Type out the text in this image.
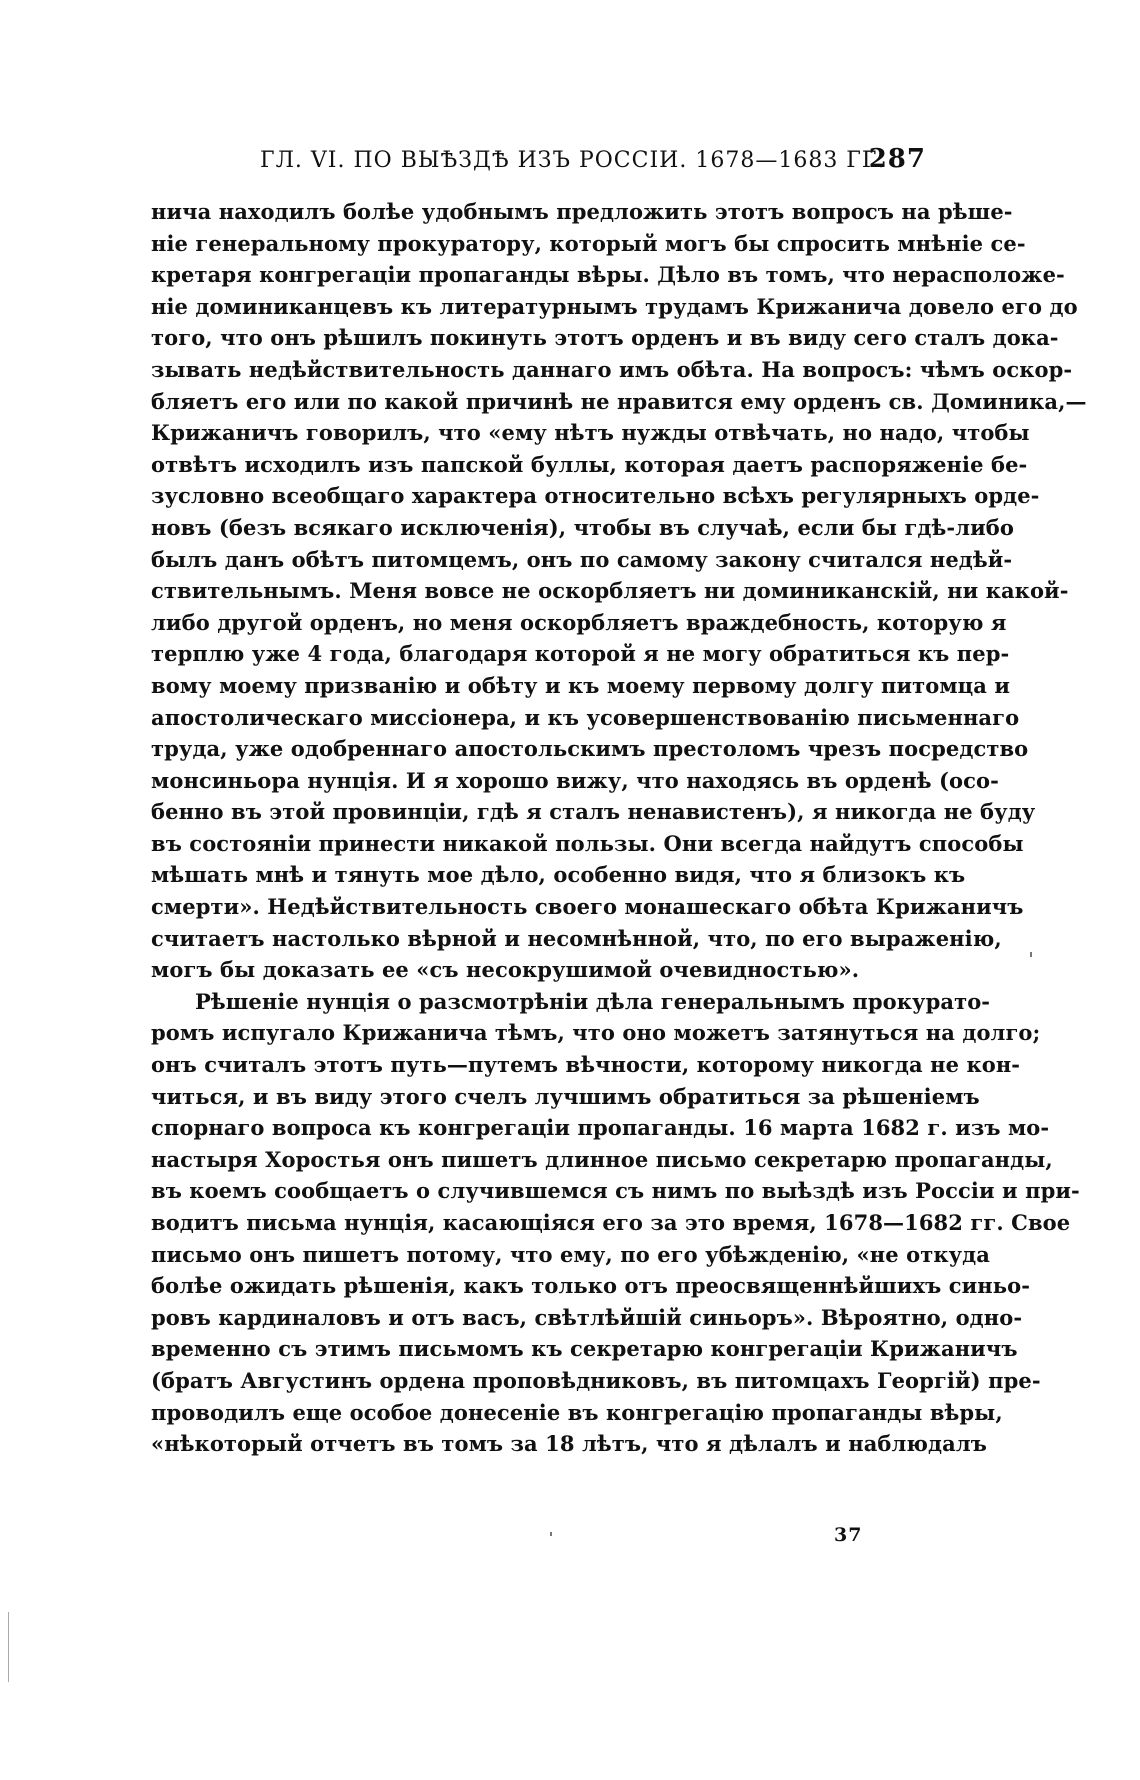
ГЛ. VI. ПО ВЫѢЗДѢ ИЗЪ РОССІИ. 1678—1683 ГГ.
287
нича находилъ болѣе удобнымъ предложить этотъ вопросъ на рѣше-
ніе генеральному прокуратору, который могъ бы спросить мнѣніе се-
кретаря конгрегаціи пропаганды вѣры. Дѣло въ томъ, что нерасположе-
ніе доминиканцевъ къ литературнымъ трудамъ Крижанича довело его до
того, что онъ рѣшилъ покинуть этотъ орденъ и въ виду сего сталъ дока-
зывать недѣйствительность даннаго имъ обѣта. На вопросъ: чѣмъ оскор-
бляетъ его или по какой причинѣ не нравится ему орденъ св. Доминика,—
Крижаничъ говорилъ, что «ему нѣтъ нужды отвѣчать, но надо, чтобы
отвѣтъ исходилъ изъ папской буллы, которая даетъ распоряженіе бе-
зусловно всеобщаго характера относительно всѣхъ регулярныхъ орде-
новъ (безъ всякаго исключенія), чтобы въ случаѣ, если бы гдѣ-либо
былъ данъ обѣтъ питомцемъ, онъ по самому закону считался недѣй-
ствительнымъ. Меня вовсе не оскорбляетъ ни доминиканскій, ни какой-
либо другой орденъ, но меня оскорбляетъ враждебность, которую я
терплю уже 4 года, благодаря которой я не могу обратиться къ пер-
вому моему призванію и обѣту и къ моему первому долгу питомца и
апостолическаго миссіонера, и къ усовершенствованію письменнаго
труда, уже одобреннаго апостольскимъ престоломъ чрезъ посредство
монсиньора нунція. И я хорошо вижу, что находясь въ орденѣ (осо-
бенно въ этой провинціи, гдѣ я сталъ ненавистенъ), я никогда не буду
въ состояніи принести никакой пользы. Они всегда найдутъ способы
мѣшать мнѣ и тянуть мое дѣло, особенно видя, что я близокъ къ
смерти». Недѣйствительность своего монашескаго обѣта Крижаничъ
считаетъ настолько вѣрной и несомнѣнной, что, по его выраженію,
могъ бы доказать ее «съ несокрушимой очевидностью».
Рѣшеніе нунція о разсмотрѣніи дѣла генеральнымъ прокурато-
ромъ испугало Крижанича тѣмъ, что оно можетъ затянуться на долго;
онъ считалъ этотъ путь—путемъ вѣчности, которому никогда не кон-
читься, и въ виду этого счелъ лучшимъ обратиться за рѣшеніемъ
спорнаго вопроса къ конгрегаціи пропаганды. 16 марта 1682 г. изъ мо-
настыря Хоростья онъ пишетъ длинное письмо секретарю пропаганды,
въ коемъ сообщаетъ о случившемся съ нимъ по выѣздѣ изъ Россіи и при-
водитъ письма нунція, касающіяся его за это время, 1678—1682 гг. Свое
письмо онъ пишетъ потому, что ему, по его убѣжденію, «не откуда
болѣе ожидать рѣшенія, какъ только отъ преосвященнѣйшихъ синьо-
ровъ кардиналовъ и отъ васъ, свѣтлѣйшій синьоръ». Вѣроятно, одно-
временно съ этимъ письмомъ къ секретарю конгрегаціи Крижаничъ
(братъ Августинъ ордена проповѣдниковъ, въ питомцахъ Георгій) пре-
проводилъ еще особое донесеніе въ конгрегацію пропаганды вѣры,
«нѣкоторый отчетъ въ томъ за 18 лѣтъ, что я дѣлалъ и наблюдалъ
37
